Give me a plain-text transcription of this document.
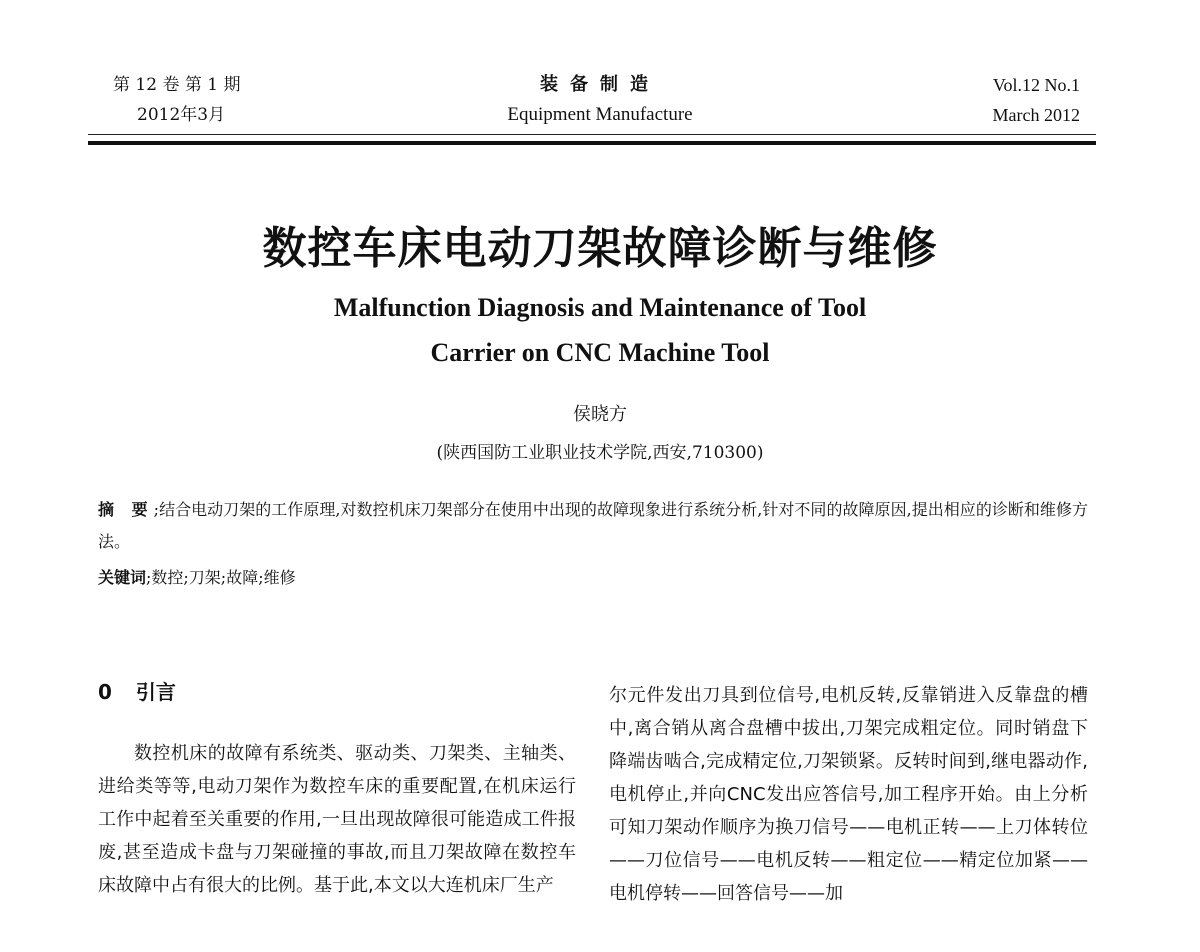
第 12 卷 第 1 期
2012年3月
装备制造
Equipment Manufacture
Vol.12 No.1
March 2012
数控车床电动刀架故障诊断与维修
Malfunction Diagnosis and Maintenance of Tool
Carrier on CNC Machine Tool
侯晓方
(陕西国防工业职业技术学院,西安,710300)
摘 要;结合电动刀架的工作原理,对数控机床刀架部分在使用中出现的故障现象进行系统分析,针对不同的故障原因,提出相应的诊断和维修方法。
关键词;数控;刀架;故障;维修
0 引言

数控机床的故障有系统类、驱动类、刀架类、主轴类、进给类等等,电动刀架作为数控车床的重要配置,在机床运行工作中起着至关重要的作用,一旦出现故障很可能造成工件报废,甚至造成卡盘与刀架碰撞的事故,而且刀架故障在数控车床故障中占有很大的比例。基于此,本文以大连机床厂生产

尔元件发出刀具到位信号,电机反转,反靠销进入反靠盘的槽中,离合销从离合盘槽中拔出,刀架完成粗定位。同时销盘下降端齿啮合,完成精定位,刀架锁紧。反转时间到,继电器动作,电机停止,并向CNC发出应答信号,加工程序开始。由上分析可知刀架动作顺序为换刀信号——电机正转——上刀体转位——刀位信号——电机反转——粗定位——精定位加紧——电机停转——回答信号——加
